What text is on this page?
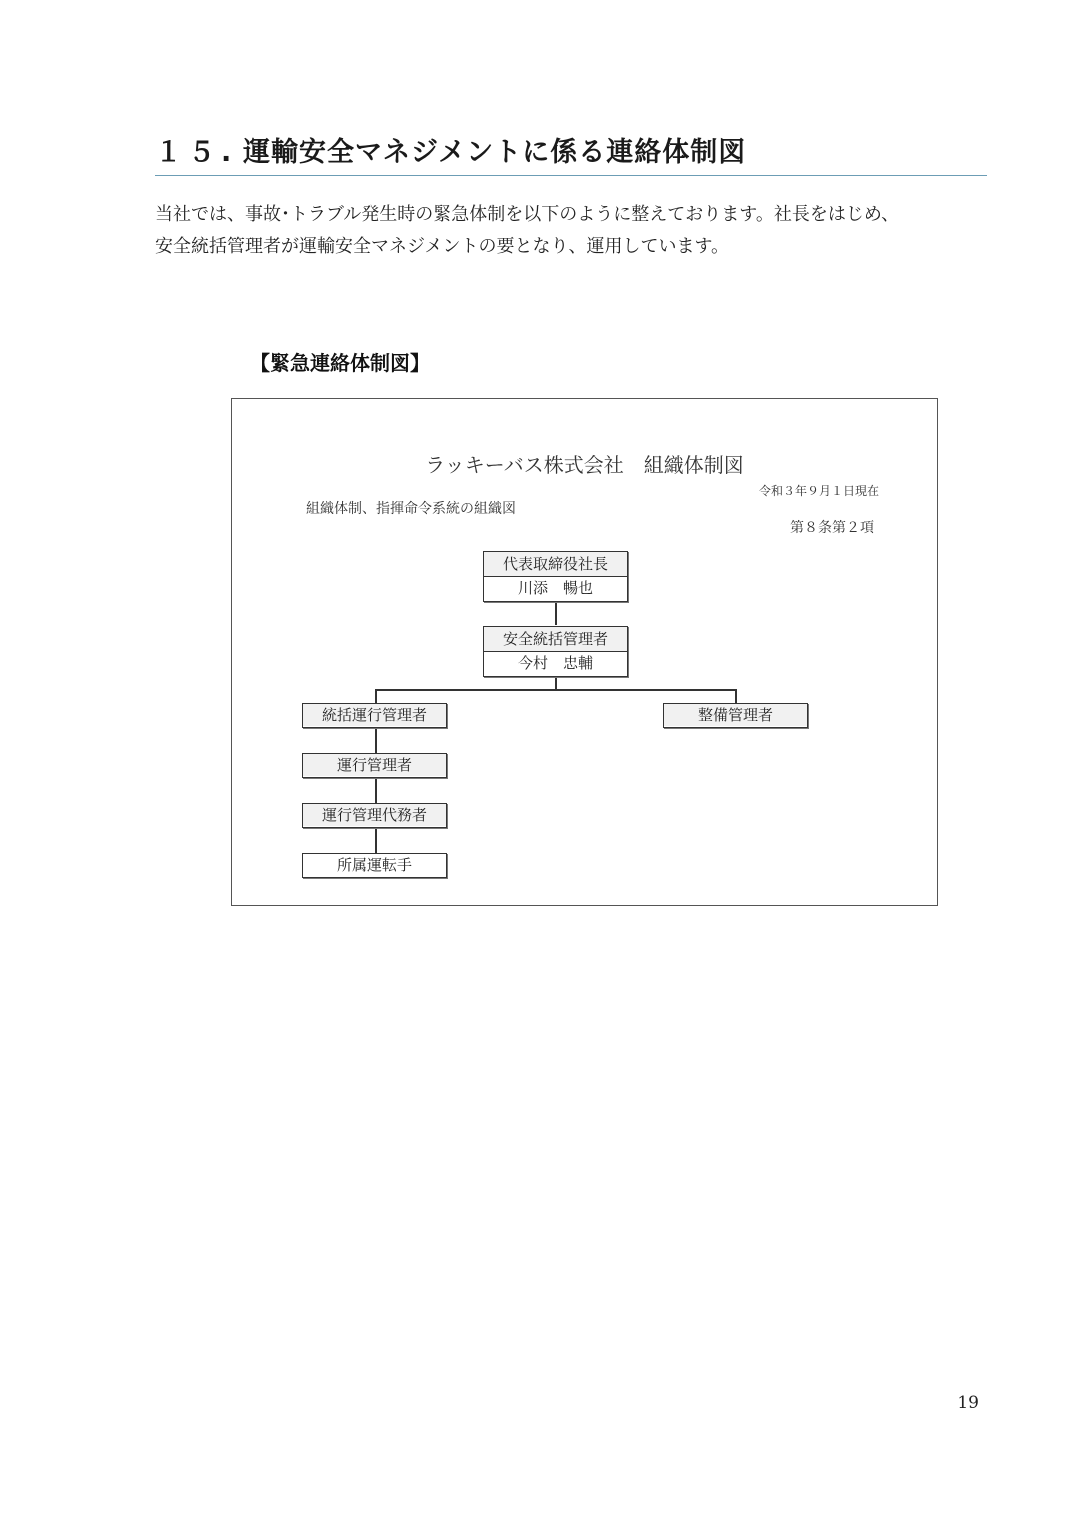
１５. 運輸安全マネジメントに係る連絡体制図

当社では、事故･トラブル発生時の緊急体制を以下のように整えております。社長をはじめ、

安全統括管理者が運輸安全マネジメントの要となり、運用しています。

【緊急連絡体制図】
ラッキーバス株式会社　組織体制図
令和３年９月１日現在
組織体制、指揮命令系統の組織図
第８条第２項
代表取締役社長
川添　暢也
安全統括管理者
今村　忠輔
統括運行管理者	整備管理者
運行管理者
運行管理代務者
所属運転手
19
